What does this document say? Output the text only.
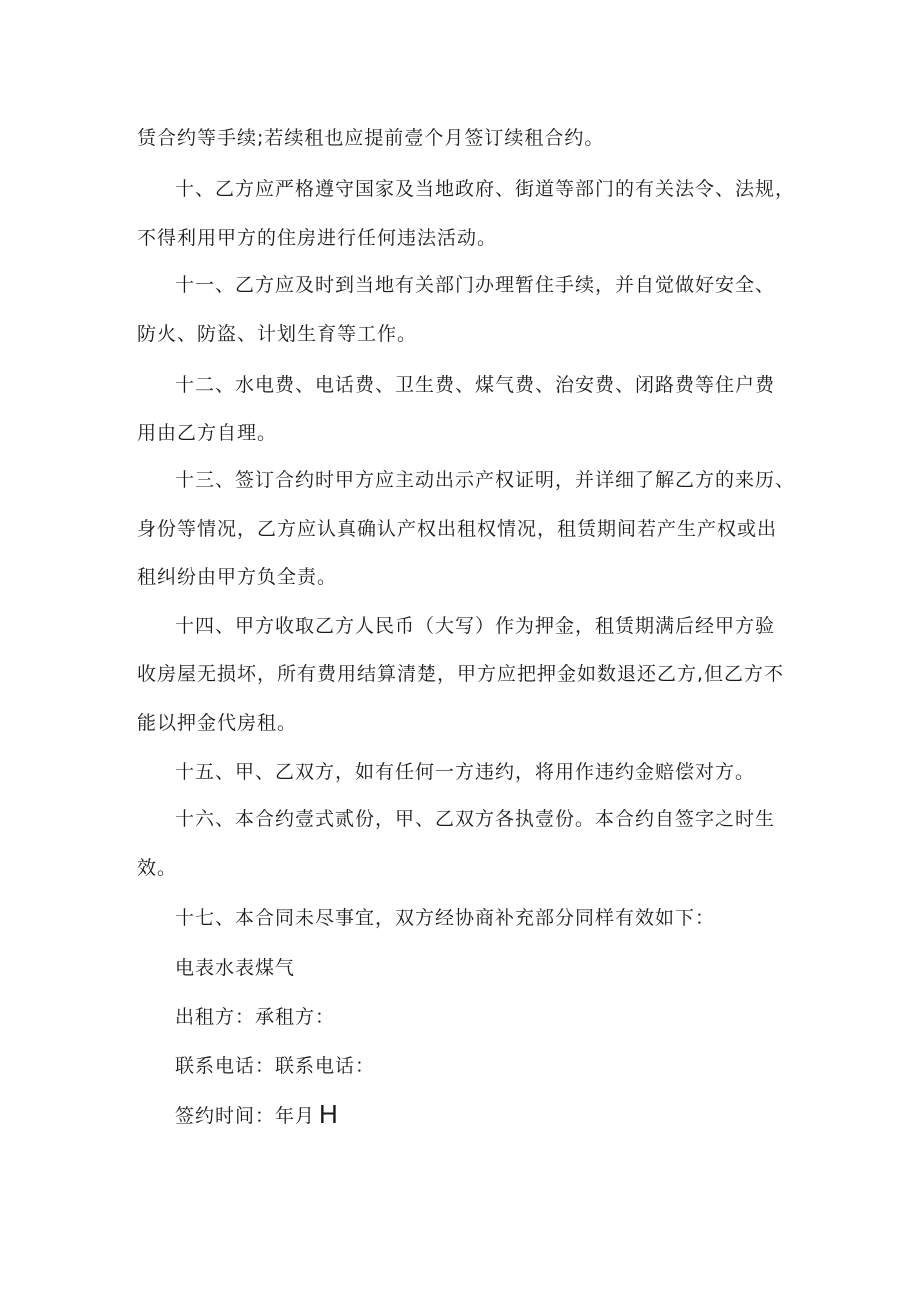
赁合约等手续;若续租也应提前壹个月签订续租合约。
十、乙方应严格遵守国家及当地政府、街道等部门的有关法令、法规，
不得利用甲方的住房进行任何违法活动。
十一、乙方应及时到当地有关部门办理暂住手续，并自觉做好安全、
防火、防盗、计划生育等工作。
十二、水电费、电话费、卫生费、煤气费、治安费、闭路费等住户费
用由乙方自理。
十三、签订合约时甲方应主动出示产权证明，并详细了解乙方的来历、
身份等情况，乙方应认真确认产权出租权情况，租赁期间若产生产权或出
租纠纷由甲方负全责。
十四、甲方收取乙方人民币（大写）作为押金，租赁期满后经甲方验
收房屋无损坏，所有费用结算清楚，甲方应把押金如数退还乙方,但乙方不
能以押金代房租。
十五、甲、乙双方，如有任何一方违约，将用作违约金赔偿对方。
十六、本合约壹式贰份，甲、乙双方各执壹份。本合约自签字之时生
效。
十七、本合同未尽事宜，双方经协商补充部分同样有效如下：
电表水表煤气
出租方：承租方：
联系电话：联系电话：
签约时间：年月 H
